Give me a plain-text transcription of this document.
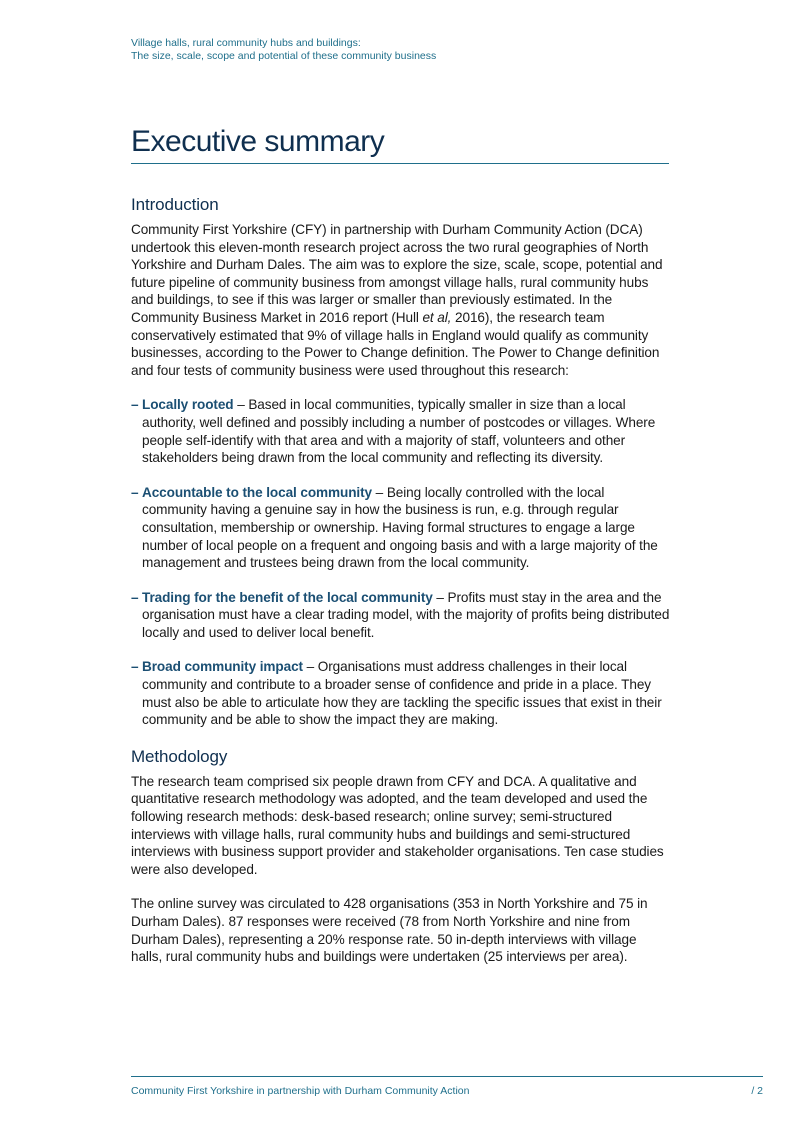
Village halls, rural community hubs and buildings:
The size, scale, scope and potential of these community business
Executive summary
Introduction

Community First Yorkshire (CFY) in partnership with Durham Community Action (DCA) undertook this eleven-month research project across the two rural geographies of North Yorkshire and Durham Dales. The aim was to explore the size, scale, scope, potential and future pipeline of community business from amongst village halls, rural community hubs and buildings, to see if this was larger or smaller than previously estimated. In the Community Business Market in 2016 report (Hull et al, 2016), the research team conservatively estimated that 9% of village halls in England would qualify as community businesses, according to the Power to Change definition. The Power to Change definition and four tests of community business were used throughout this research:

– Locally rooted – Based in local communities, typically smaller in size than a local authority, well defined and possibly including a number of postcodes or villages. Where people self-identify with that area and with a majority of staff, volunteers and other stakeholders being drawn from the local community and reflecting its diversity.
– Accountable to the local community – Being locally controlled with the local community having a genuine say in how the business is run, e.g. through regular consultation, membership or ownership. Having formal structures to engage a large number of local people on a frequent and ongoing basis and with a large majority of the management and trustees being drawn from the local community.
– Trading for the benefit of the local community – Profits must stay in the area and the organisation must have a clear trading model, with the majority of profits being distributed locally and used to deliver local benefit.
– Broad community impact – Organisations must address challenges in their local community and contribute to a broader sense of confidence and pride in a place. They must also be able to articulate how they are tackling the specific issues that exist in their community and be able to show the impact they are making.
Methodology

The research team comprised six people drawn from CFY and DCA. A qualitative and quantitative research methodology was adopted, and the team developed and used the following research methods: desk-based research; online survey; semi-structured interviews with village halls, rural community hubs and buildings and semi-structured interviews with business support provider and stakeholder organisations. Ten case studies were also developed.

The online survey was circulated to 428 organisations (353 in North Yorkshire and 75 in Durham Dales). 87 responses were received (78 from North Yorkshire and nine from Durham Dales), representing a 20% response rate. 50 in-depth interviews with village halls, rural community hubs and buildings were undertaken (25 interviews per area).

Community First Yorkshire in partnership with Durham Community Action	/ 2
